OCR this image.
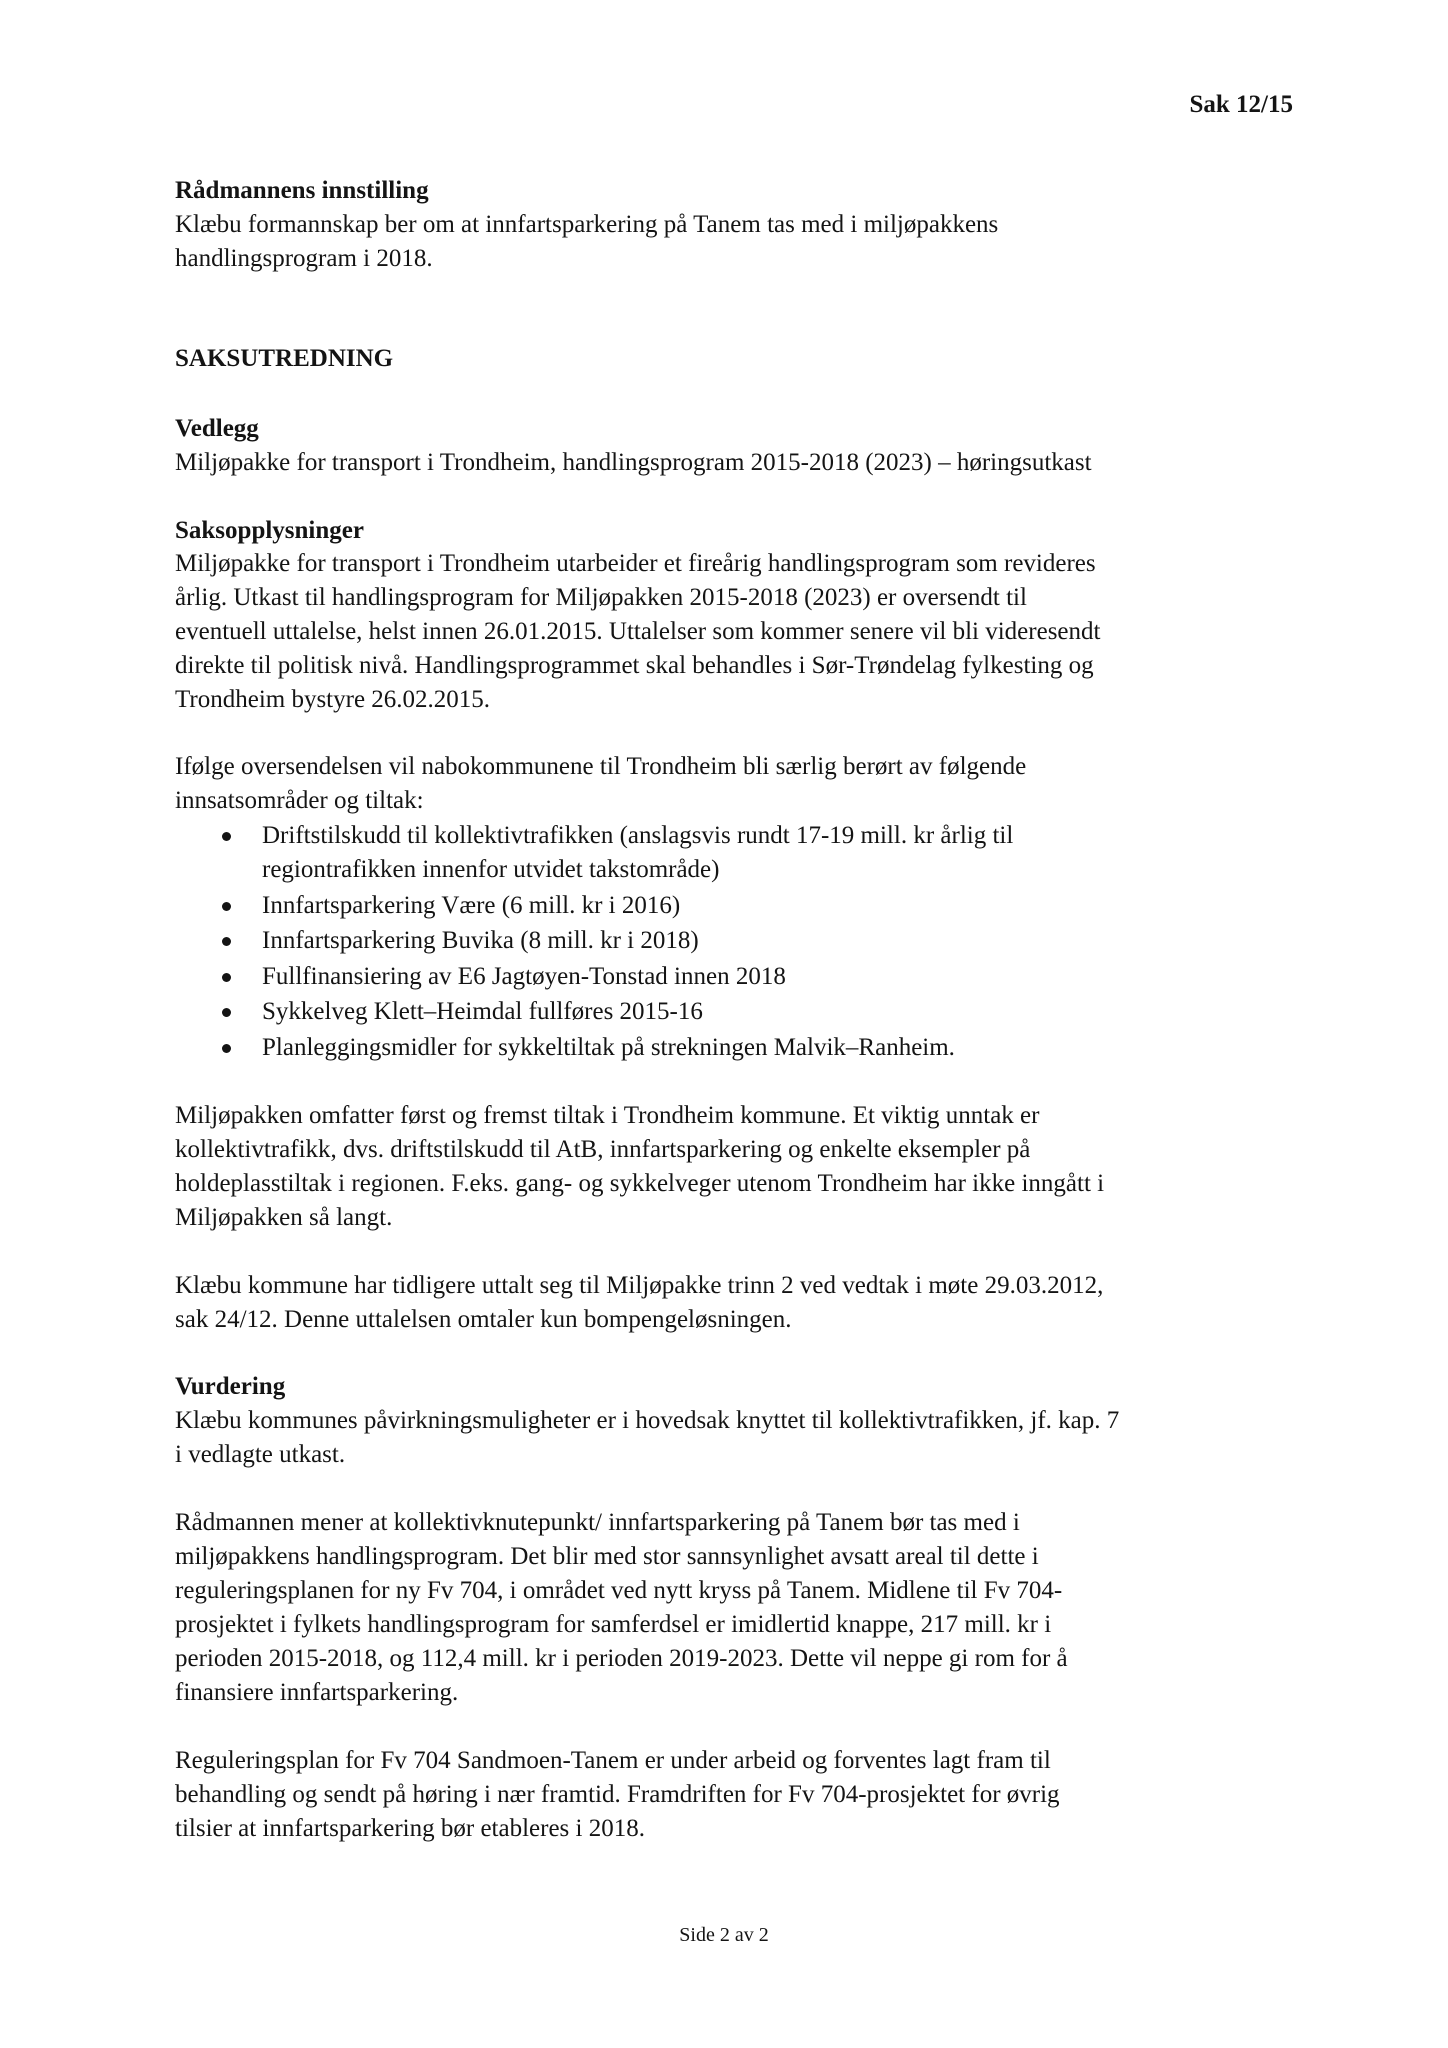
Sak 12/15
Rådmannens innstilling
Klæbu formannskap ber om at innfartsparkering på Tanem tas med i miljøpakkens
handlingsprogram i 2018.
SAKSUTREDNING
Vedlegg
Miljøpakke for transport i Trondheim, handlingsprogram 2015-2018 (2023) – høringsutkast
Saksopplysninger
Miljøpakke for transport i Trondheim utarbeider et fireårig handlingsprogram som revideres
årlig. Utkast til handlingsprogram for Miljøpakken 2015-2018 (2023) er oversendt til
eventuell uttalelse, helst innen 26.01.2015. Uttalelser som kommer senere vil bli videresendt
direkte til politisk nivå. Handlingsprogrammet skal behandles i Sør-Trøndelag fylkesting og
Trondheim bystyre 26.02.2015.
Ifølge oversendelsen vil nabokommunene til Trondheim bli særlig berørt av følgende
innsatsområder og tiltak:
Driftstilskudd til kollektivtrafikken (anslagsvis rundt 17-19 mill. kr årlig til
regiontrafikken innenfor utvidet takstområde)
Innfartsparkering Være (6 mill. kr i 2016)
Innfartsparkering Buvika (8 mill. kr i 2018)
Fullfinansiering av E6 Jagtøyen-Tonstad innen 2018
Sykkelveg Klett–Heimdal fullføres 2015-16
Planleggingsmidler for sykkeltiltak på strekningen Malvik–Ranheim.
Miljøpakken omfatter først og fremst tiltak i Trondheim kommune. Et viktig unntak er
kollektivtrafikk, dvs. driftstilskudd til AtB, innfartsparkering og enkelte eksempler på
holdeplasstiltak i regionen. F.eks. gang- og sykkelveger utenom Trondheim har ikke inngått i
Miljøpakken så langt.
Klæbu kommune har tidligere uttalt seg til Miljøpakke trinn 2 ved vedtak i møte 29.03.2012,
sak 24/12. Denne uttalelsen omtaler kun bompengeløsningen.
Vurdering
Klæbu kommunes påvirkningsmuligheter er i hovedsak knyttet til kollektivtrafikken, jf. kap. 7
i vedlagte utkast.
Rådmannen mener at kollektivknutepunkt/ innfartsparkering på Tanem bør tas med i
miljøpakkens handlingsprogram. Det blir med stor sannsynlighet avsatt areal til dette i
reguleringsplanen for ny Fv 704, i området ved nytt kryss på Tanem. Midlene til Fv 704-
prosjektet i fylkets handlingsprogram for samferdsel er imidlertid knappe, 217 mill. kr i
perioden 2015-2018, og 112,4 mill. kr i perioden 2019-2023. Dette vil neppe gi rom for å
finansiere innfartsparkering.
Reguleringsplan for Fv 704 Sandmoen-Tanem er under arbeid og forventes lagt fram til
behandling og sendt på høring i nær framtid. Framdriften for Fv 704-prosjektet for øvrig
tilsier at innfartsparkering bør etableres i 2018.
Side 2 av 2
